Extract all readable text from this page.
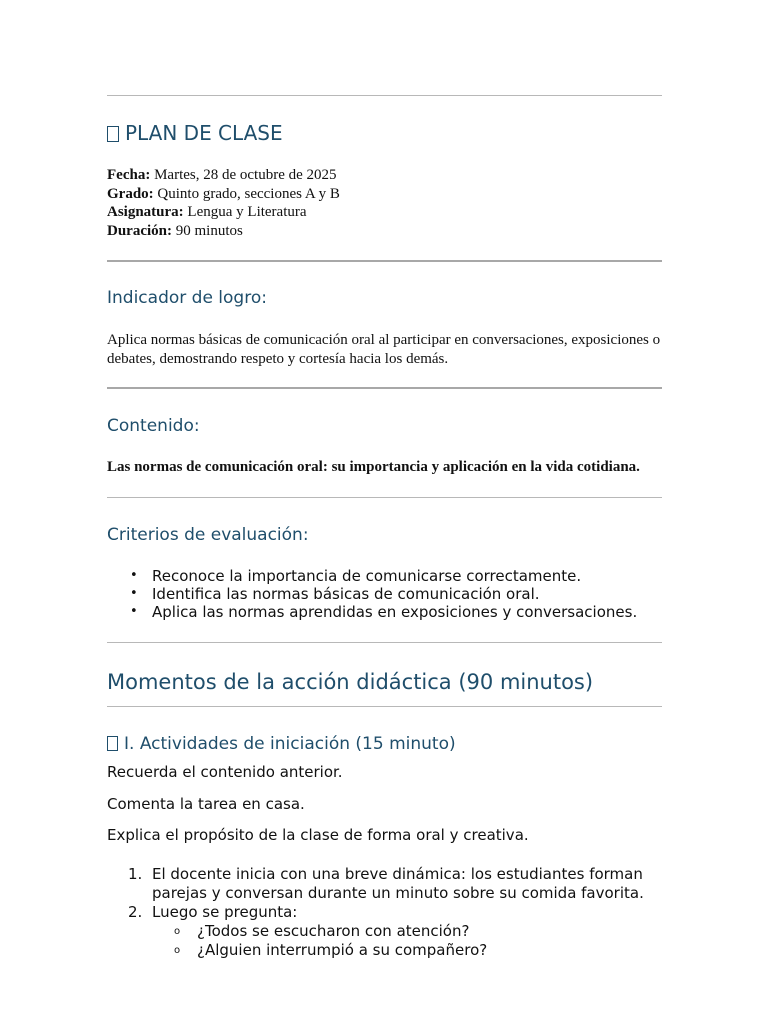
PLAN DE CLASE
Fecha: Martes, 28 de octubre de 2025
Grado: Quinto grado, secciones A y B
Asignatura: Lengua y Literatura
Duración: 90 minutos
Indicador de logro:
Aplica normas básicas de comunicación oral al participar en conversaciones, exposiciones o debates, demostrando respeto y cortesía hacia los demás.
Contenido:
Las normas de comunicación oral: su importancia y aplicación en la vida cotidiana.
Criterios de evaluación:
• Reconoce la importancia de comunicarse correctamente.
• Identifica las normas básicas de comunicación oral.
• Aplica las normas aprendidas en exposiciones y conversaciones.
Momentos de la acción didáctica (90 minutos)
I. Actividades de iniciación (15 minuto)
Recuerda el contenido anterior.
Comenta la tarea en casa.
Explica el propósito de la clase de forma oral y creativa.
1. El docente inicia con una breve dinámica: los estudiantes forman parejas y conversan durante un minuto sobre su comida favorita.
2. Luego se pregunta:
o ¿Todos se escucharon con atención?
o ¿Alguien interrumpió a su compañero?
